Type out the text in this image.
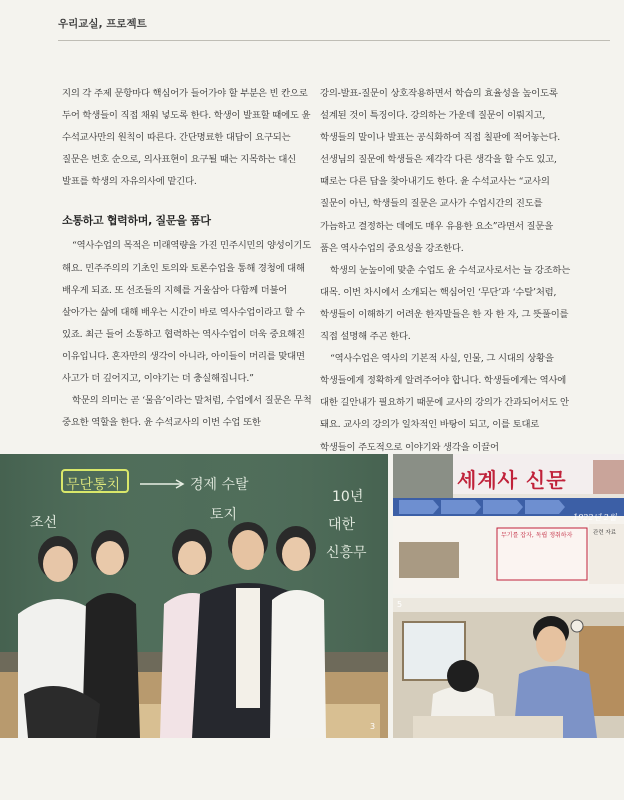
우리교실, 프로젝트

지의 각 주제 문항마다 핵심어가 들어가야 할 부분은 빈 칸으로 두어 학생들이 직접 채워 넣도록 한다. 학생이 발표할 때에도 윤 수석교사만의 원칙이 따른다. 간단명료한 대답이 요구되는 질문은 번호 순으로, 의사표현이 요구될 때는 지목하는 대신 발표를 학생의 자유의사에 맡긴다.

소통하고 협력하며, 질문을 품다

“역사수업의 목적은 미래역량을 가진 민주시민의 양성이기도 해요. 민주주의의 기초인 토의와 토론수업을 통해 경청에 대해 배우게 되죠. 또 선조들의 지혜를 거울삼아 다함께 더불어 살아가는 삶에 대해 배우는 시간이 바로 역사수업이라고 할 수 있죠. 최근 들어 소통하고 협력하는 역사수업이 더욱 중요해진 이유입니다. 혼자만의 생각이 아니라, 아이들이 머리를 맞대면 사고가 더 깊어지고, 이야기는 더 충실해집니다.”

학문의 의미는 곧 ‘물음’이라는 말처럼, 수업에서 질문은 무척 중요한 역할을 한다. 윤 수석교사의 이번 수업 또한

강의-발표-질문이 상호작용하면서 학습의 효율성을 높이도록 설계된 것이 특징이다. 강의하는 가운데 질문이 이뤄지고, 학생들의 말이나 발표는 공식화하여 직접 칠판에 적어놓는다. 선생님의 질문에 학생들은 제각각 다른 생각을 할 수도 있고, 때로는 다른 답을 찾아내기도 한다. 윤 수석교사는 “교사의 질문이 아닌, 학생들의 질문은 교사가 수업시간의 진도를 가늠하고 결정하는 데에도 매우 유용한 요소”라면서 질문을 품은 역사수업의 중요성을 강조한다.

학생의 눈높이에 맞춘 수업도 윤 수석교사로서는 늘 강조하는 대목. 이번 차시에서 소개되는 핵심어인 ‘무단’과 ‘수탈’처럼, 학생들이 이해하기 어려운 한자말들은 한 자 한 자, 그 뜻풀이를 직접 설명해 주곤 한다.

“역사수업은 역사의 기본적 사실, 인물, 그 시대의 상황을 학생들에게 정확하게 알려주어야 합니다. 학생들에게는 역사에 대한 길안내가 필요하기 때문에 교사의 강의가 간과되어서도 안 돼요. 교사의 강의가 일차적인 바탕이 되고, 이를 토대로 학생들이 주도적으로 이야기와 생각을 이끌어

무단통치	경제 수탈
토지
조선
10년
대한
신흥무
3
세계사 신문
1922년 2월
무기를 잡자, 독립 쟁취하자	관련 자료
5
